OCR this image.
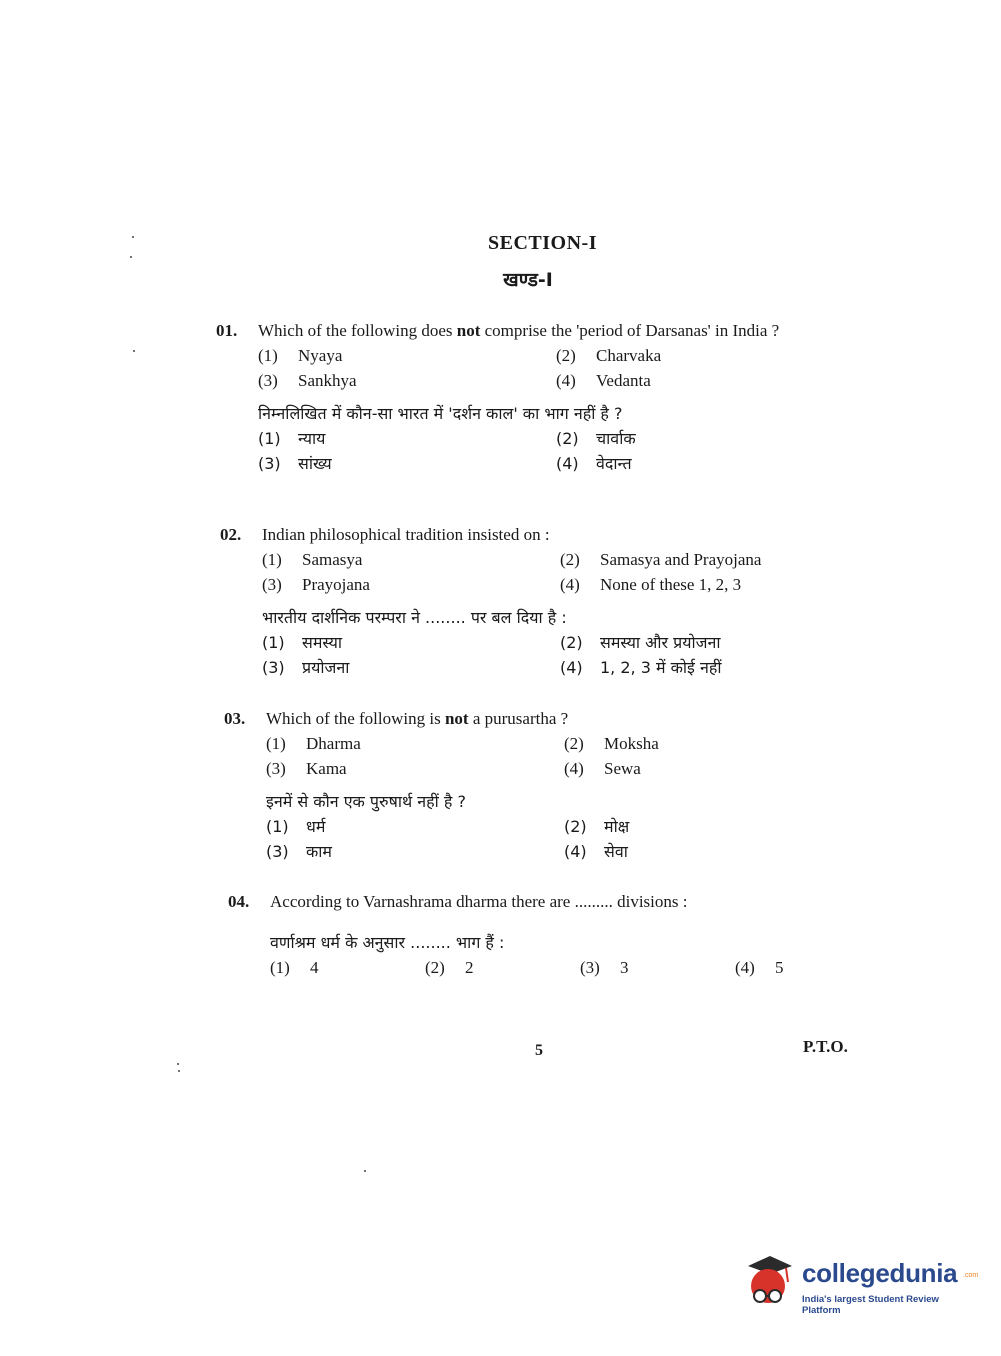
SECTION-I
खण्ड-I
01.	Which of the following does not comprise the 'period of Darsanas' in India ?
(1)	Nyaya	(2)	Charvaka
(3)	Sankhya	(4)	Vedanta
निम्नलिखित में कौन-सा भारत में 'दर्शन काल' का भाग नहीं है ?
(1)	न्याय	(2)	चार्वाक
(3)	सांख्य	(4)	वेदान्त
02.	Indian philosophical tradition insisted on :
(1)	Samasya	(2)	Samasya and Prayojana
(3)	Prayojana	(4)	None of these 1, 2, 3
भारतीय दार्शनिक परम्परा ने ........ पर बल दिया है :
(1)	समस्या	(2)	समस्या और प्रयोजना
(3)	प्रयोजना	(4)	1, 2, 3 में कोई नहीं
03.	Which of the following is not a purusartha ?
(1)	Dharma	(2)	Moksha
(3)	Kama	(4)	Sewa
इनमें से कौन एक पुरुषार्थ नहीं है ?
(1)	धर्म	(2)	मोक्ष
(3)	काम	(4)	सेवा
04.	According to Varnashrama dharma there are ......... divisions :
वर्णाश्रम धर्म के अनुसार ........ भाग हैं :
(1)	4	(2)	2	(3)	3	(4)	5
5	P.T.O.
collegedunia .com
India's largest Student Review Platform
